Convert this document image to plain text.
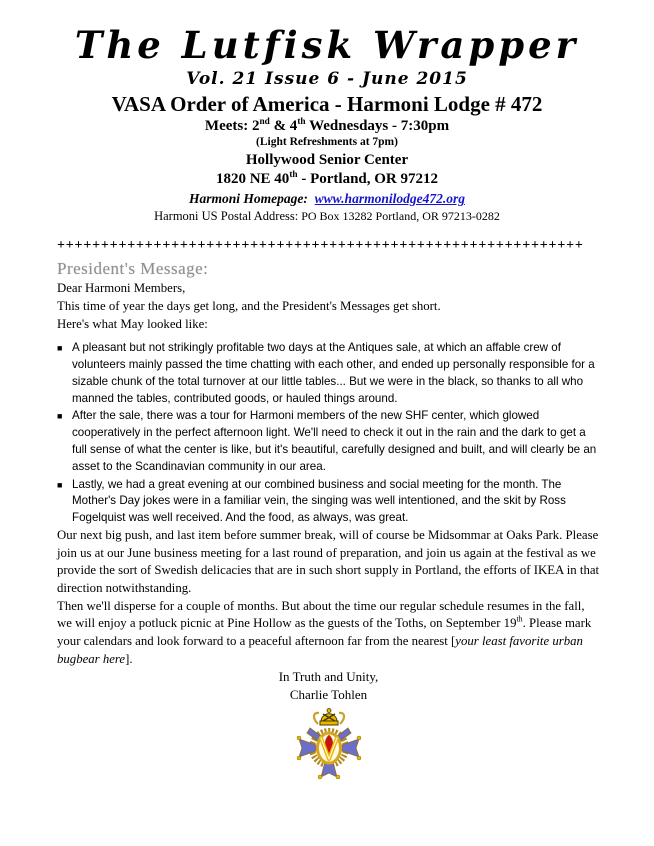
The Lutfisk Wrapper
Vol. 21 Issue 6 - June 2015
VASA Order of America - Harmoni Lodge # 472
Meets: 2nd & 4th Wednesdays - 7:30pm
(Light Refreshments at 7pm)
Hollywood Senior Center
1820 NE 40th - Portland, OR 97212
Harmoni Homepage: www.harmonilodge472.org
Harmoni US Postal Address: PO Box 13282 Portland, OR 97213-0282
++++++++++++++++++++++++++++++++++++++++++++++++++++++++++++
President's Message:

Dear Harmoni Members,

This time of year the days get long, and the President's Messages get short.

Here's what May looked like:

■ A pleasant but not strikingly profitable two days at the Antiques sale, at which an affable crew of volunteers mainly passed the time chatting with each other, and ended up personally responsible for a sizable chunk of the total turnover at our little tables... But we were in the black, so thanks to all who manned the tables, contributed goods, or hauled things around.
■ After the sale, there was a tour for Harmoni members of the new SHF center, which glowed cooperatively in the perfect afternoon light. We'll need to check it out in the rain and the dark to get a full sense of what the center is like, but it's beautiful, carefully designed and built, and will clearly be an asset to the Scandinavian community in our area.
■ Lastly, we had a great evening at our combined business and social meeting for the month. The Mother's Day jokes were in a familiar vein, the singing was well intentioned, and the skit by Ross Fogelquist was well received. And the food, as always, was great.

Our next big push, and last item before summer break, will of course be Midsommar at Oaks Park. Please join us at our June business meeting for a last round of preparation, and join us again at the festival as we provide the sort of Swedish delicacies that are in such short supply in Portland, the efforts of IKEA in that direction notwithstanding.

Then we'll disperse for a couple of months. But about the time our regular schedule resumes in the fall, we will enjoy a potluck picnic at Pine Hollow as the guests of the Toths, on September 19th. Please mark your calendars and look forward to a peaceful afternoon far from the nearest [your least favorite urban bugbear here].

In Truth and Unity,

Charlie Tohlen
